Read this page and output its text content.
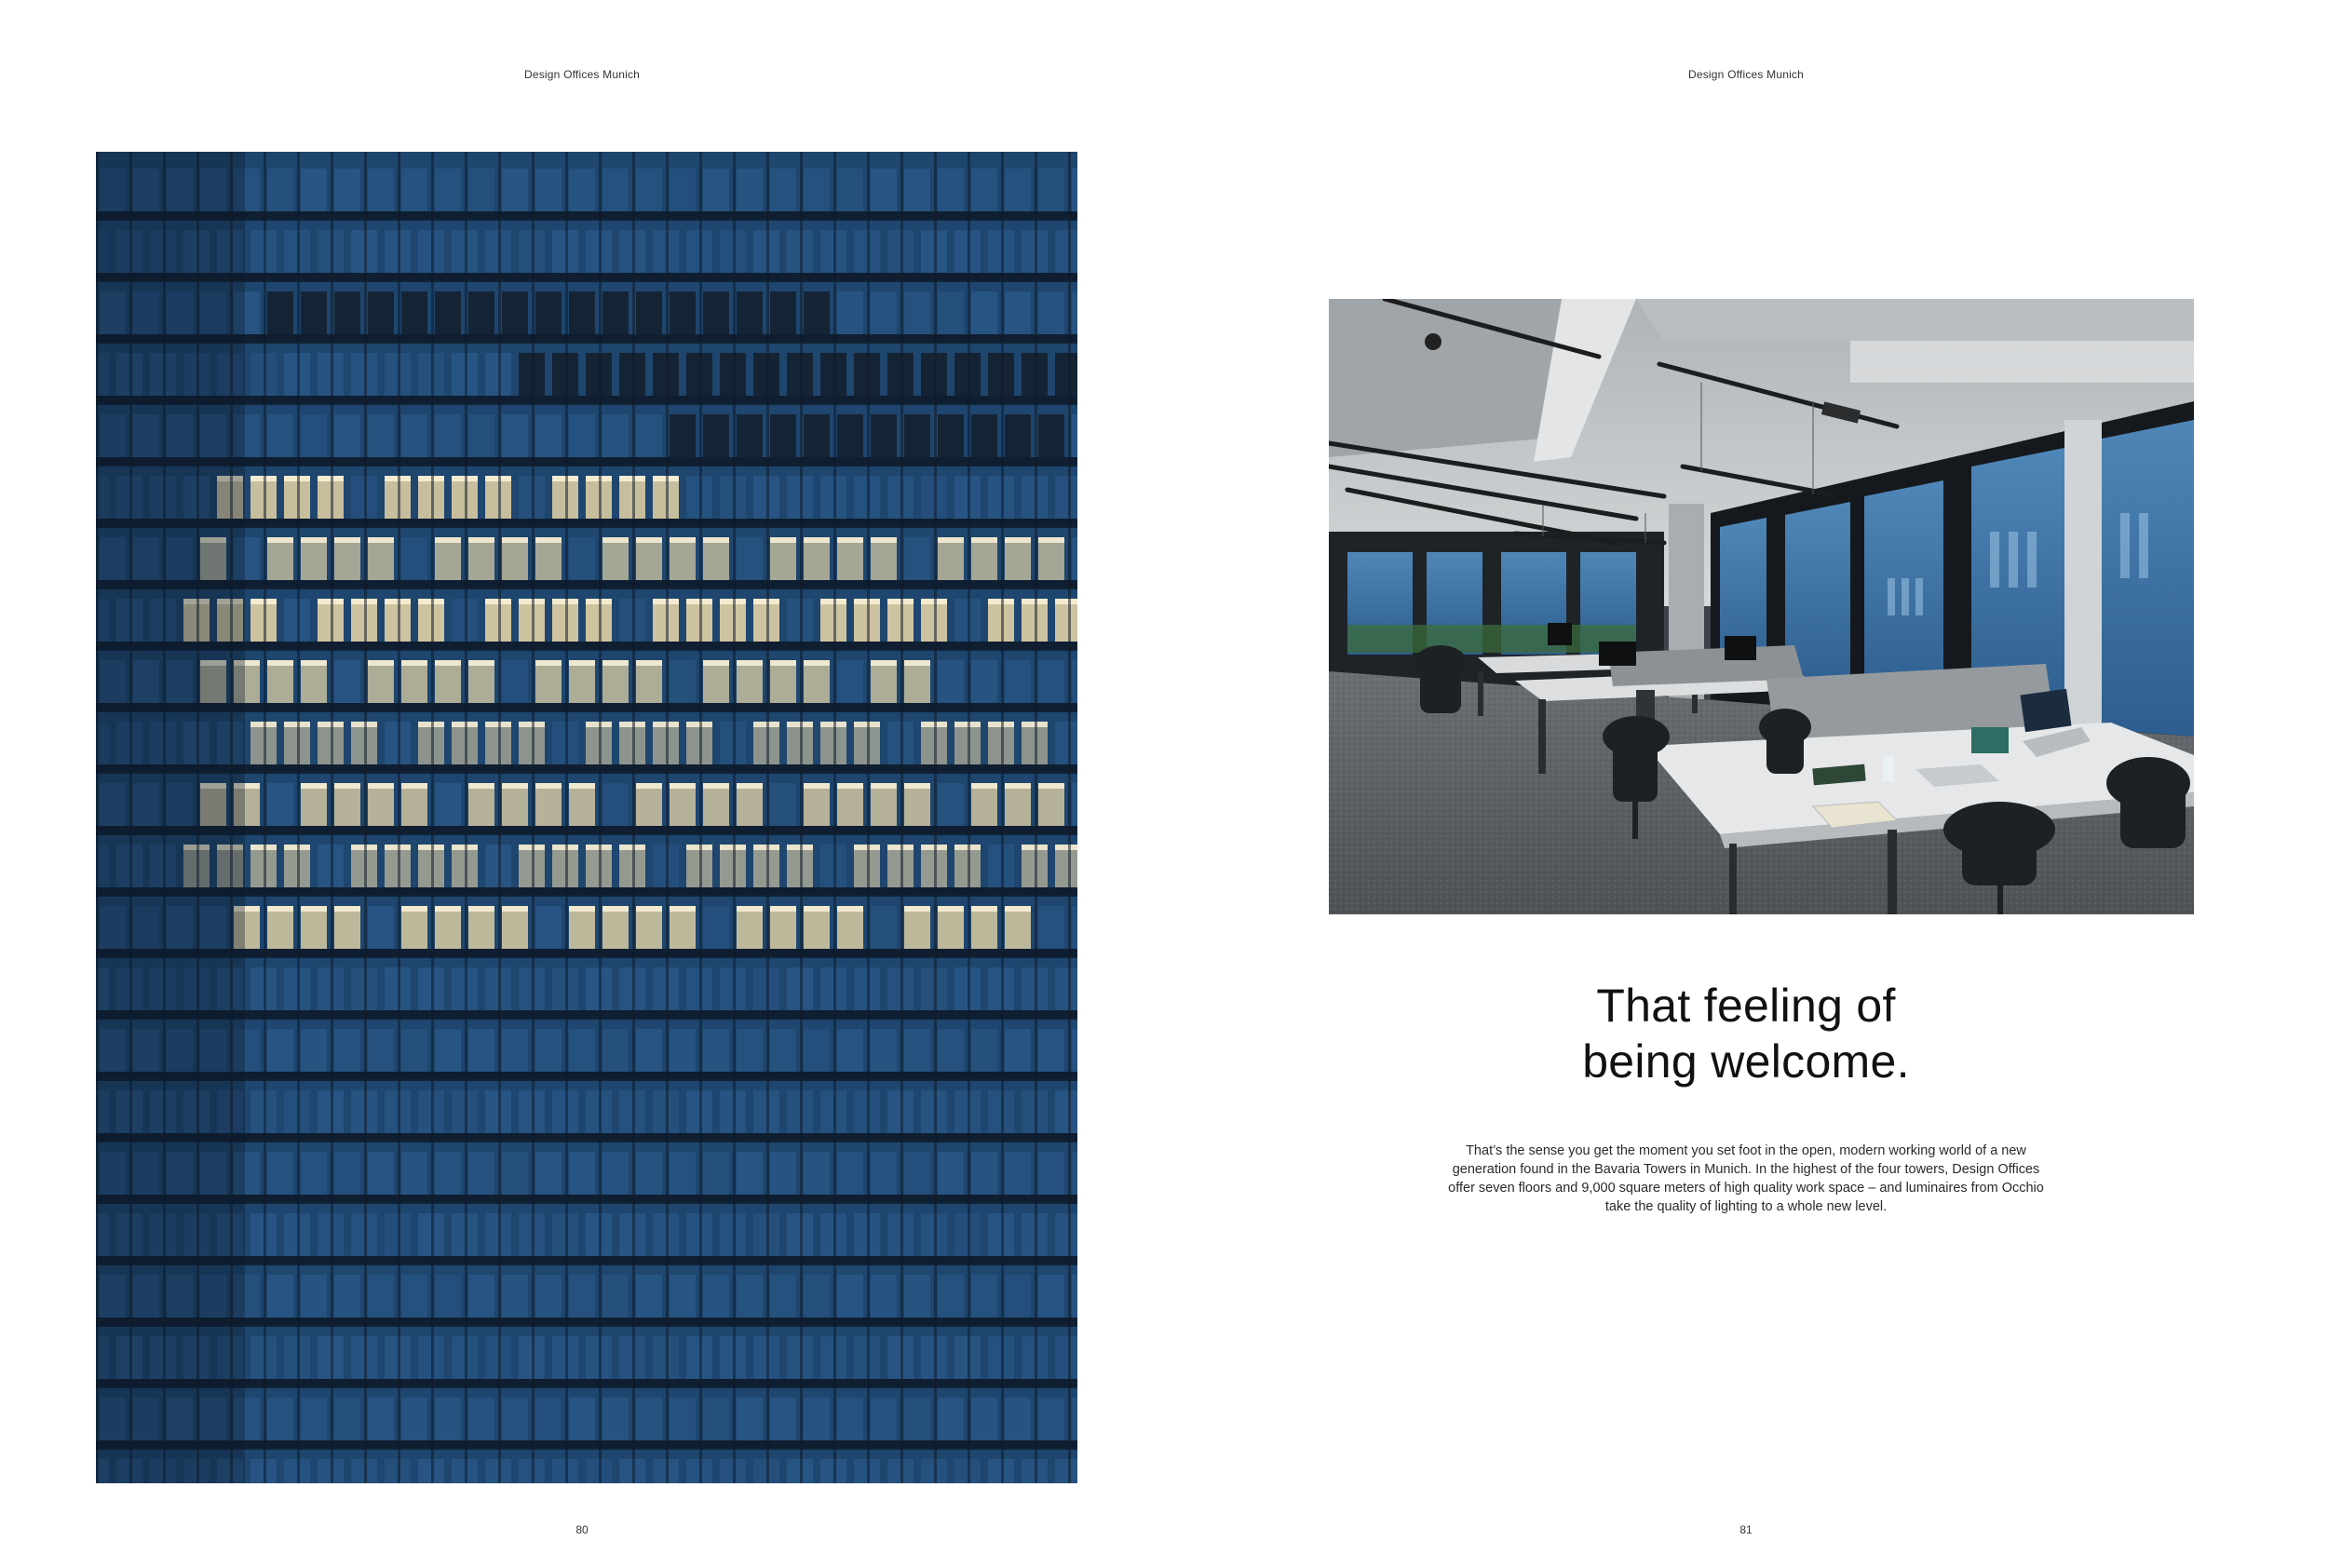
Design Offices Munich
80
Design Offices Munich
That feeling of
being welcome.

That’s the sense you get the moment you set foot in the open, modern working world of a new generation found in the Bavaria Towers in Munich. In the highest of the four towers, Design Offices offer seven floors and 9,000 square meters of high quality work space – and luminaires from Occhio take the quality of lighting to a whole new level.

81
